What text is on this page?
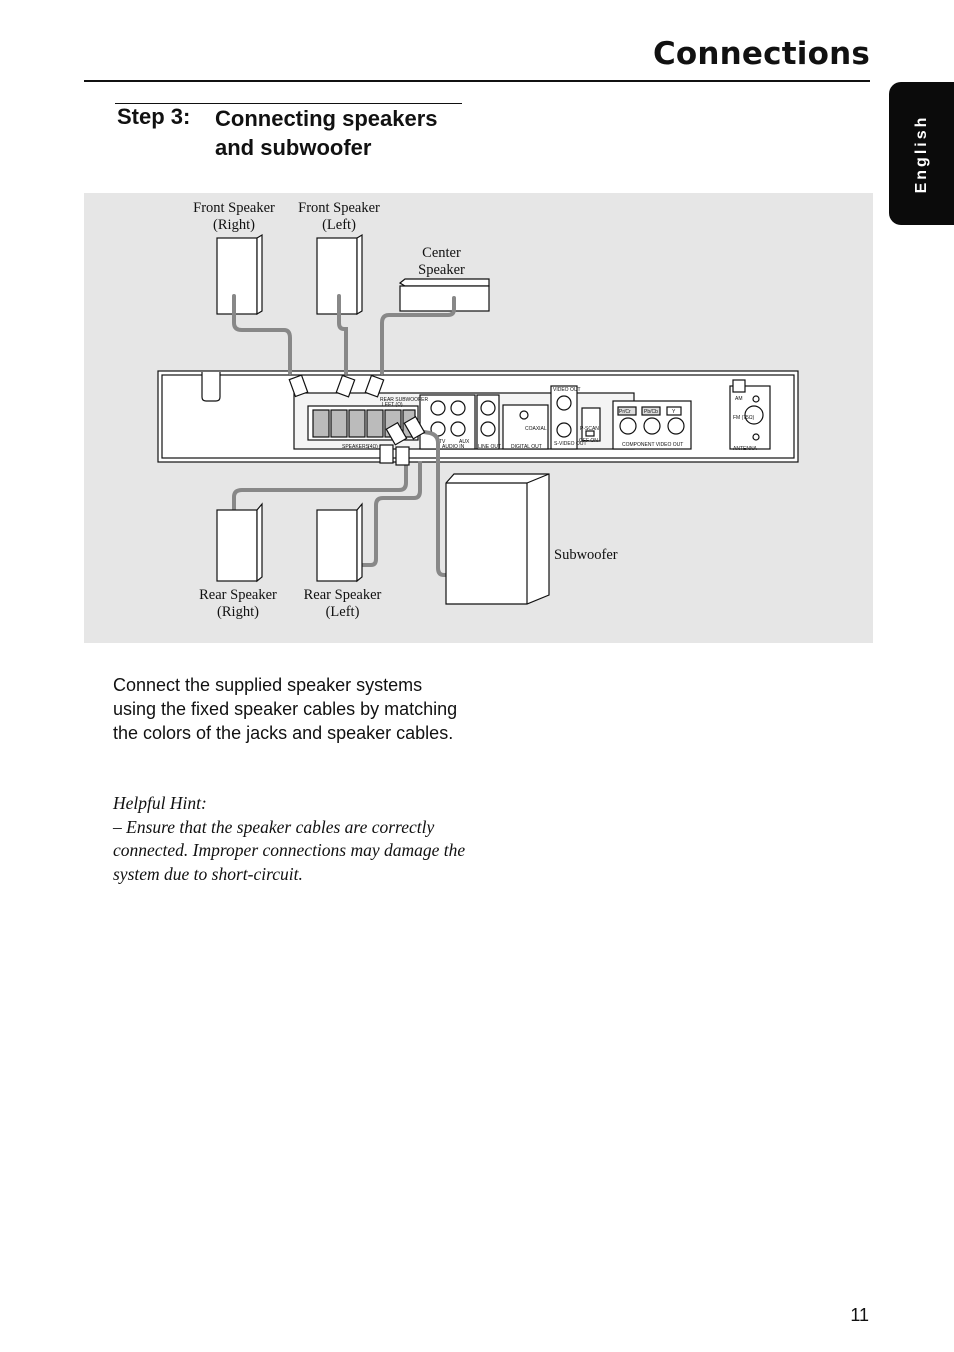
Connections
English
Step 3: Connecting speakers and subwoofer
SPEAKERS (4Ω)
REAR SUBWOOFER
LEFT (Ω)
TV	AUX
AUDIO IN	LINE OUT
COAXIAL
DIGITAL OUT
VIDEO OUT
S-VIDEO OUT
P-SCAN
OFF ON
Pr/Cr	Pb/Cb	Y
COMPONENT VIDEO OUT
AM
FM (75Ω)
ANTENNA
Front Speaker (Right)
Front Speaker (Left)
Center Speaker
Rear Speaker (Right)
Rear Speaker (Left)
Subwoofer
Connect the supplied speaker systems using the fixed speaker cables by matching the colors of the jacks and speaker cables.
Helpful Hint:
– Ensure that the speaker cables are correctly connected. Improper connections may damage the system due to short-circuit.
11
